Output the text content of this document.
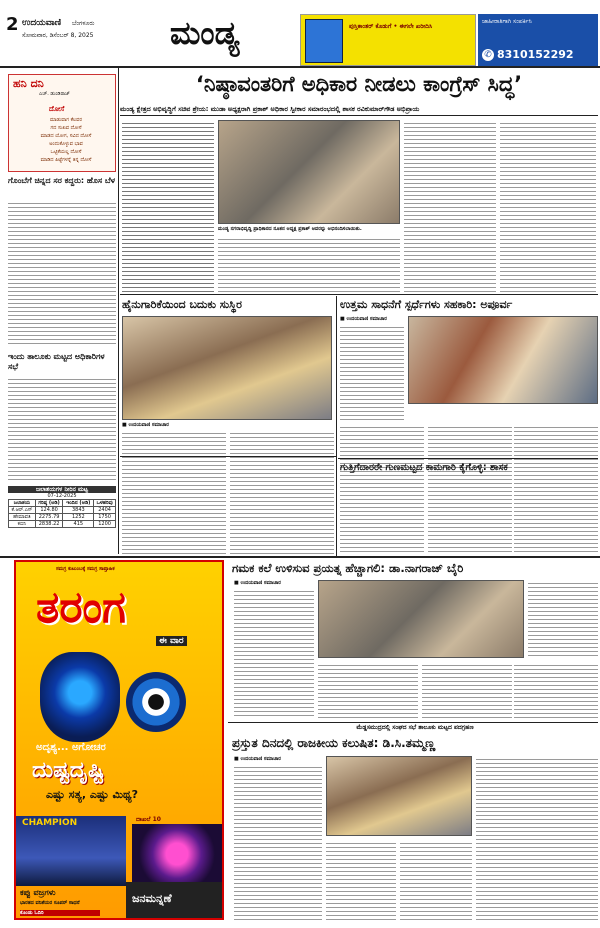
2 ಉದಯವಾಣಿ ಬೆಂಗಳೂರು
ಸೋಮವಾರ, ಡಿಸೆಂಬರ್ 8, 2025 ಮಂಡ್ಯ	ಪುಸ್ತಿಕಾಂತರ್ ಕೊಡುಗೆ • ಈಗಲೇ ಖರೀದಿಸಿ
ಜಾಹೀರಾತಿಗಾಗಿ ಸಂಪರ್ಕಿಸಿ
✆ 8310152292
ಹನಿ ದನಿ
ಎಚ್. ಡುಂಡಿರಾಜ್
ದೋಸೆ
ಮಾಡುವಾಗ ಕೆಲವರ
ಗದ ಸುಖವ ದೋಸೆ
ಮಾಡದ ಯೋಗ, ಸವಿದ ದೋಸೆ
ಅಂದುಕೊಳ್ಳುವ ಭಾವ
ಒಟ್ಟಿಕೆಯಲ್ಲ ದೋಸೆ
ಮಾಡಿದ ಪಿಟ್ಟೆಗಳನ್ನೆ ತಿನ್ನ ದೋಸೆ
ಗೊಂಬೆಗೆ ಚಿನ್ನದ ಸರ ಕದ್ದರು: ಹೊಸ ಬೆಳ
ಇಂದು ತಾಲೂಕು ಮಟ್ಟದ ಅಧಿಕಾರಿಗಳ ಸಭೆ
ಜಲಾಶಯಗಳ ನೀರಿನ ಮಟ್ಟ
07-12-2025
ಜಲಾಶಯ	ಗರಿಷ್ಠ (ಅಡಿ)	ಇಂದಿನ (ಅಡಿ)	ಒಳಹರಿವು
ಕೆ.ಆರ್.ಎಸ್	124.80	3843	2404
ಹೇಮಾವತಿ	2275.79	1252	1750
ಕಬಿನಿ	2838.22	415	1200
‘ನಿಷ್ಠಾವಂತರಿಗೆ ಅಧಿಕಾರ ನೀಡಲು ಕಾಂಗ್ರೆಸ್ ಸಿದ್ಧ’
ಮಂಡ್ಯ ಕ್ಷೇತ್ರದ ಅಭಿವೃದ್ಧಿಗೆ ಸಚಿವ ಶ್ರೇಯ: ಮುಡಾ ಅಧ್ಯಕ್ಷರಾಗಿ ಪ್ರಕಾಶ್ ಅಧಿಕಾರ ಸ್ವೀಕಾರ ಸಮಾರಂಭದಲ್ಲಿ ಶಾಸಕ ರವಿಕುಮಾರ್‌ಗೌಡ ಅಭಿಪ್ರಾಯ
ಮಂಡ್ಯ ನಗರಾಭಿವೃದ್ಧಿ ಪ್ರಾಧಿಕಾರದ ನೂತನ ಅಧ್ಯಕ್ಷ ಪ್ರಕಾಶ್ ಅವರನ್ನು ಅಭಿನಂದಿಸಲಾಯಿತು.
ಹೈನುಗಾರಿಕೆಯಿಂದ ಬದುಕು ಸುಸ್ಥಿರ
■ ಉದಯವಾಣಿ ಸಮಾಚಾರ
ಉತ್ತಮ ಸಾಧನೆಗೆ ಸ್ಪರ್ಧೆಗಳು ಸಹಕಾರಿ: ಅಪೂರ್ವ
■ ಉದಯವಾಣಿ ಸಮಾಚಾರ
ಗುತ್ತಿಗೆದಾರರೇ ಗುಣಮಟ್ಟದ ಕಾಮಗಾರಿ ಕೈಗೊಳ್ಳಿ: ಶಾಸಕ
ಸಮಗ್ರ ಕುಟುಂಬಕ್ಕೆ ಸಮಗ್ರ ಸಾಪ್ತಾಹಿಕ
ತರಂಗ
ಈ ವಾರ
ಅದೃಶ್ಯ... ಅಗೋಚರ
ದುಷ್ಟದೃಷ್ಟಿ
ಎಷ್ಟು ಸತ್ಯ, ಎಷ್ಟು ಮಿಥ್ಯ?
CHAMPION
ಕಪ್ಪು ವಜ್ರಗಳು
ಭಾರತದ ವನಿತೆಯರ ಸೂಪರ್ ಸಾಧನೆ
ದಾಖಲೆ 10
ಕೊಂಡು ಓದಿರಿ
ಜನಮನ್ನಣೆ
ಗಮಕ ಕಲೆ ಉಳಿಸುವ ಪ್ರಯತ್ನ ಹೆಚ್ಚಾಗಲಿ: ಡಾ.ನಾಗರಾಜ್ ಬೈರಿ
■ ಉದಯವಾಣಿ ಸಮಾಚಾರ
ಮೆಡ್ಡಸಮುದ್ರದಲ್ಲಿ ಸಂಘದ ಸಭೆ ತಾಲೂಕು ಮಟ್ಟದ ಪದಗ್ರಹಣ
ಪ್ರಸ್ತುತ ದಿನದಲ್ಲಿ ರಾಜಕೀಯ ಕಲುಷಿತ: ಡಿ.ಸಿ.ತಮ್ಮಣ್ಣ
■ ಉದಯವಾಣಿ ಸಮಾಚಾರ
